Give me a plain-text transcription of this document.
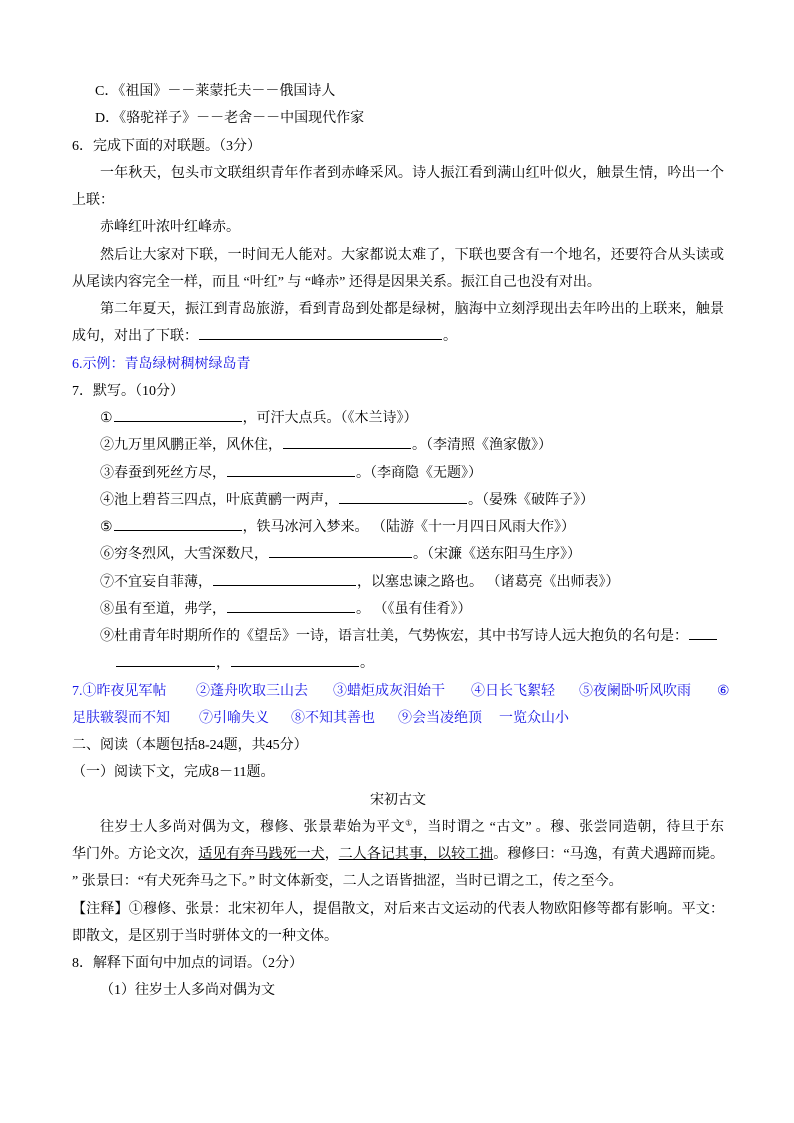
C．《祖国》－－莱蒙托夫－－俄国诗人
D．《骆驼祥子》－－老舍－－中国现代作家
6．完成下面的对联题。（3分）
一年秋天，包头市文联组织青年作者到赤峰采风。诗人振江看到满山红叶似火，触景生情，吟出一个
上联：
赤峰红叶浓叶红峰赤。
然后让大家对下联，一时间无人能对。大家都说太难了，下联也要含有一个地名，还要符合从头读或
从尾读内容完全一样，而且 “叶红” 与 “峰赤” 还得是因果关系。振江自己也没有对出。
第二年夏天，振江到青岛旅游，看到青岛到处都是绿树，脑海中立刻浮现出去年吟出的上联来，触景
成句，对出了下联：	。
6.示例：青岛绿树稠树绿岛青
7．默写。（10分）
①	，可汗大点兵。（《木兰诗》）
②九万里风鹏正举，风休住，	。（李清照《渔家傲》）
③春蚕到死丝方尽，	。（李商隐《无题》）
④池上碧苔三四点，叶底黄鹂一两声，	。（晏殊《破阵子》）
⑤	，铁马冰河入梦来。 （陆游《十一月四日风雨大作》）
⑥穷冬烈风，大雪深数尺，	。（宋濂《送东阳马生序》）
⑦不宜妄自菲薄，	，以塞忠谏之路也。 （诸葛亮《出师表》）
⑧虽有至道，弗学，	。 （《虽有佳肴》）
⑨杜甫青年时期所作的《望岳》一诗，语言壮美，气势恢宏，其中书写诗人远大抱负的名句是：
，	。
7.①昨夜见军帖 ②蓬舟吹取三山去 ③蜡炬成灰泪始干 ④日长飞絮轻 ⑤夜阑卧听风吹雨 ⑥
足肤皲裂而不知 ⑦引喻失义 ⑧不知其善也 ⑨会当凌绝顶 一览众山小
二、阅读（本题包括8-24题，共45分）
（一）阅读下文，完成8－11题。
宋初古文
往岁士人多尚对偶为文，穆修、张景辈始为平文①，当时谓之 “古文” 。穆、张尝同造朝，待旦于东
华门外。方论文次，适见有奔马践死一犬，二人各记其事，以较工拙。穆修曰：“马逸，有黄犬遇蹄而毙。
” 张景曰：“有犬死奔马之下。” 时文体新变，二人之语皆拙涩，当时已谓之工，传之至今。
【注释】①穆修、张景：北宋初年人，提倡散文，对后来古文运动的代表人物欧阳修等都有影响。平文：
即散文，是区别于当时骈体文的一种文体。
8．解释下面句中加点的词语。（2分）
（1）往岁士人多尚对偶为文
